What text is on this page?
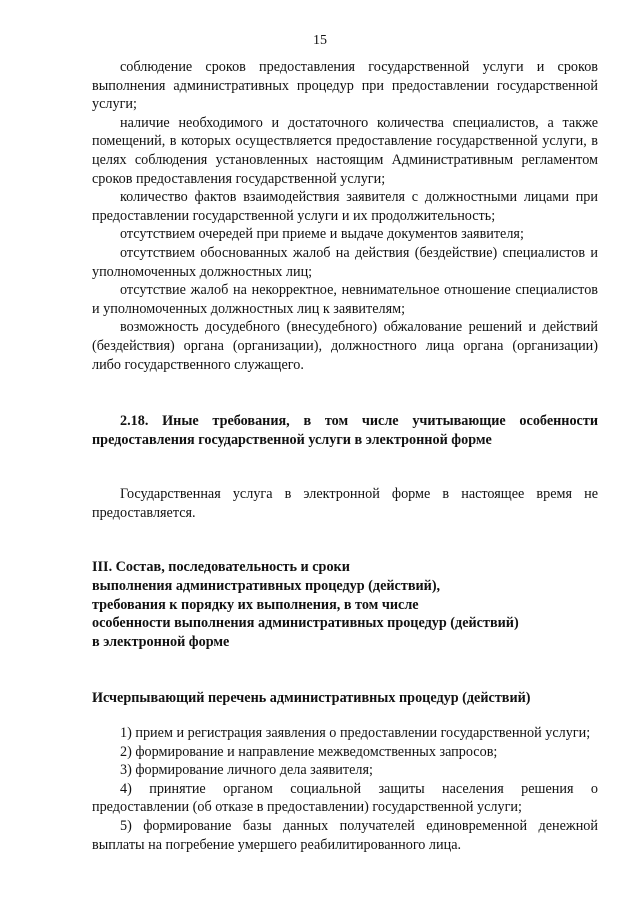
15

соблюдение сроков предоставления государственной услуги и сроков выполнения административных процедур при предоставлении государственной услуги;

наличие необходимого и достаточного количества специалистов, а также помещений, в которых осуществляется предоставление государственной услуги, в целях соблюдения установленных настоящим Административным регламентом сроков предоставления государственной услуги;

количество фактов взаимодействия заявителя с должностными лицами при предоставлении государственной услуги и их продолжительность;

отсутствием очередей при приеме и выдаче документов заявителя;

отсутствием обоснованных жалоб на действия (бездействие) специалистов и уполномоченных должностных лиц;

отсутствие жалоб на некорректное, невнимательное отношение специалистов и уполномоченных должностных лиц к заявителям;

возможность досудебного (внесудебного) обжалование решений и действий (бездействия) органа (организации), должностного лица органа (организации) либо государственного служащего.

2.18. Иные требования, в том числе учитывающие особенности предоставления государственной услуги в электронной форме

Государственная услуга в электронной форме в настоящее время не предоставляется.

III. Состав, последовательность и сроки

выполнения административных процедур (действий),

требования к порядку их выполнения, в том числе

особенности выполнения административных процедур (действий)

в электронной форме

Исчерпывающий перечень административных процедур (действий)

1) прием и регистрация заявления о предоставлении государственной услуги;

2) формирование и направление межведомственных запросов;

3) формирование личного дела заявителя;

4) принятие органом социальной защиты населения решения о предоставлении (об отказе в предоставлении) государственной услуги;

5) формирование базы данных получателей единовременной денежной выплаты на погребение умершего реабилитированного лица.
